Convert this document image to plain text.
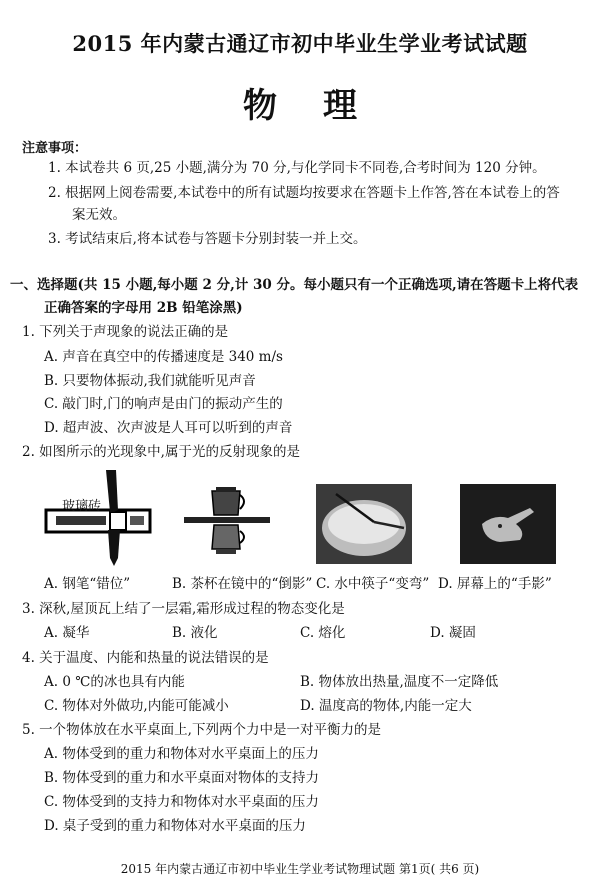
2015 年内蒙古通辽市初中毕业生学业考试试题
物理
注意事项：
1. 本试卷共 6 页,25 小题,满分为 70 分,与化学同卡不同卷,合考时间为 120 分钟。
2. 根据网上阅卷需要,本试卷中的所有试题均按要求在答题卡上作答,答在本试卷上的答
案无效。
3. 考试结束后,将本试卷与答题卡分别封装一并上交。
一、选择题(共 15 小题,每小题 2 分,计 30 分。每小题只有一个正确选项,请在答题卡上将代表
正确答案的字母用 2B 铅笔涂黑)
1. 下列关于声现象的说法正确的是
A. 声音在真空中的传播速度是 340 m/s
B. 只要物体振动,我们就能听见声音
C. 敲门时,门的响声是由门的振动产生的
D. 超声波、次声波是人耳可以听到的声音
2. 如图所示的光现象中,属于光的反射现象的是
玻璃砖
A. 钢笔“错位”	B. 茶杯在镜中的“倒影” C. 水中筷子“变弯” D. 屏幕上的“手影”
3. 深秋,屋顶瓦上结了一层霜,霜形成过程的物态变化是
A. 凝华	B. 液化	C. 熔化	D. 凝固
4. 关于温度、内能和热量的说法错误的是
A. 0 ℃的冰也具有内能	B. 物体放出热量,温度不一定降低
C. 物体对外做功,内能可能减小	D. 温度高的物体,内能一定大
5. 一个物体放在水平桌面上,下列两个力中是一对平衡力的是
A. 物体受到的重力和物体对水平桌面上的压力
B. 物体受到的重力和水平桌面对物体的支持力
C. 物体受到的支持力和物体对水平桌面的压力
D. 桌子受到的重力和物体对水平桌面的压力
2015 年内蒙古通辽市初中毕业生学业考试物理试题 第1页( 共6 页)
